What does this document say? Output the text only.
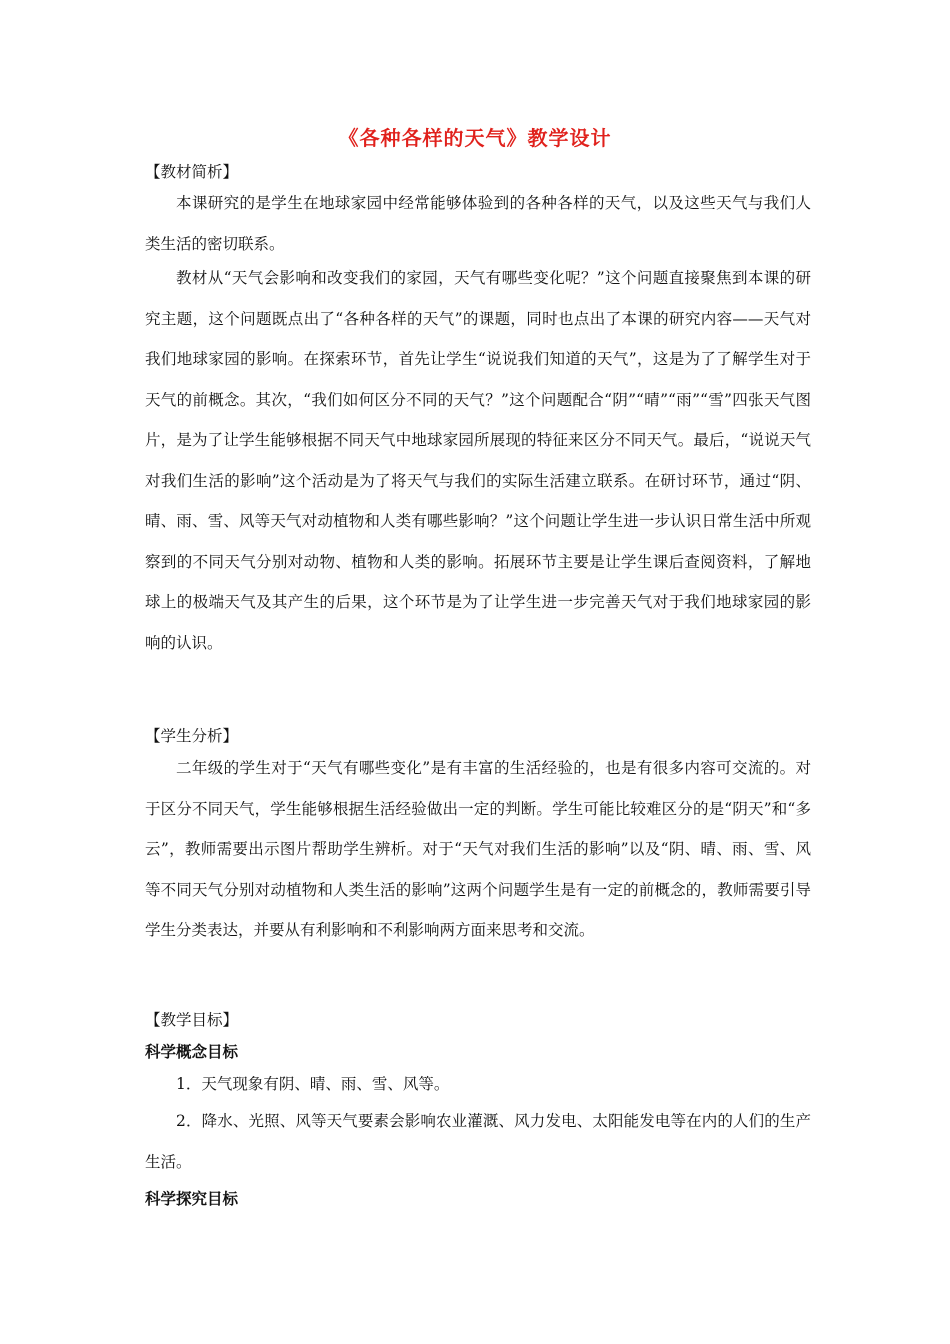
《各种各样的天气》教学设计
【教材简析】

本课研究的是学生在地球家园中经常能够体验到的各种各样的天气，以及这些天气与我们人类生活的密切联系。

教材从“天气会影响和改变我们的家园，天气有哪些变化呢？”这个问题直接聚焦到本课的研究主题，这个问题既点出了“各种各样的天气”的课题，同时也点出了本课的研究内容——天气对我们地球家园的影响。在探索环节，首先让学生“说说我们知道的天气”，这是为了了解学生对于天气的前概念。其次，“我们如何区分不同的天气？”这个问题配合“阴”“晴”“雨”“雪”四张天气图片，是为了让学生能够根据不同天气中地球家园所展现的特征来区分不同天气。最后，“说说天气对我们生活的影响”这个活动是为了将天气与我们的实际生活建立联系。在研讨环节，通过“阴、晴、雨、雪、风等天气对动植物和人类有哪些影响？”这个问题让学生进一步认识日常生活中所观察到的不同天气分别对动物、植物和人类的影响。拓展环节主要是让学生课后查阅资料，了解地球上的极端天气及其产生的后果，这个环节是为了让学生进一步完善天气对于我们地球家园的影响的认识。

【学生分析】

二年级的学生对于“天气有哪些变化”是有丰富的生活经验的，也是有很多内容可交流的。对于区分不同天气，学生能够根据生活经验做出一定的判断。学生可能比较难区分的是“阴天”和“多云”，教师需要出示图片帮助学生辨析。对于“天气对我们生活的影响”以及“阴、晴、雨、雪、风等不同天气分别对动植物和人类生活的影响”这两个问题学生是有一定的前概念的，教师需要引导学生分类表达，并要从有利影响和不利影响两方面来思考和交流。

【教学目标】
科学概念目标

1．天气现象有阴、晴、雨、雪、风等。

2．降水、光照、风等天气要素会影响农业灌溉、风力发电、太阳能发电等在内的人们的生产生活。

科学探究目标
